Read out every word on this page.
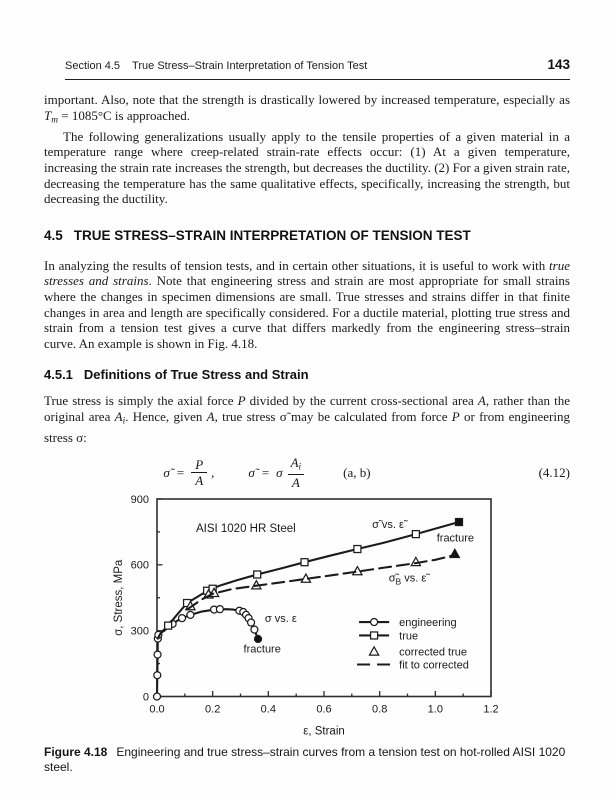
Section 4.5 True Stress–Strain Interpretation of Tension Test	143

important. Also, note that the strength is drastically lowered by increased temperature, especially as $T_m = 1085^\circ C$ is approached.

The following generalizations usually apply to the tensile properties of a given material in a temperature range where creep-related strain-rate effects occur: (1) At a given temperature, increasing the strain rate increases the strength, but decreases the ductility. (2) For a given strain rate, decreasing the temperature has the same qualitative effects, specifically, increasing the strength, but decreasing the ductility.

4.5 TRUE STRESS–STRAIN INTERPRETATION OF TENSION TEST

In analyzing the results of tension tests, and in certain other situations, it is useful to work with true stresses and strains. Note that engineering stress and strain are most appropriate for small strains where the changes in specimen dimensions are small. True stresses and strains differ in that finite changes in area and length are specifically considered. For a ductile material, plotting true stress and strain from a tension test gives a curve that differs markedly from the engineering stress–strain curve. An example is shown in Fig. 4.18.

4.5.1 Definitions of True Stress and Strain

True stress is simply the axial force P divided by the current cross-sectional area A, rather than the original area $A_i$. Hence, given A, true stress σ̃ may be calculated from force P or from engineering stress σ:

σ̃ = $\frac{P}{A}$ ,	σ̃ = σ $\frac{A_i}{A}$	(a, b)	(4.12)
0.0	0.2	0.4	0.6	0.8	1.0	1.2
0
300
600
900
σ, Stress, MPa
ε, Strain
AISI 1020 HR Steel	σ̃ vs. ε̃
fracture
$\sigmã_B$ vs. ε̃
σ vs. ε
fracture
engineering
true
corrected true
fit to corrected
Figure 4.18 Engineering and true stress–strain curves from a tension test on hot-rolled AISI 1020 steel.
